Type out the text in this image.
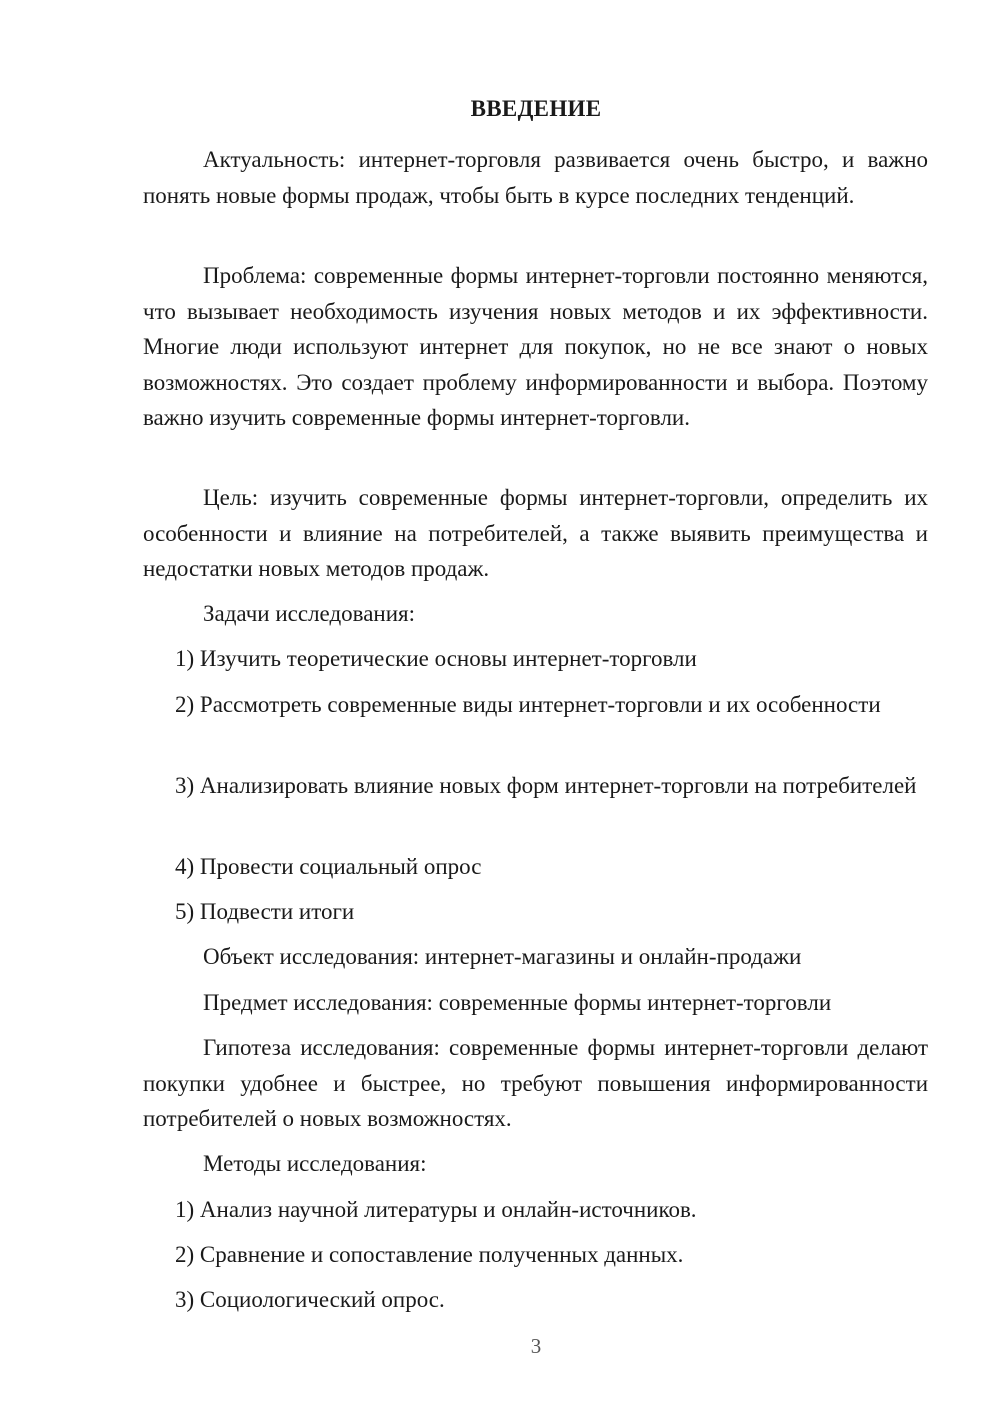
ВВЕДЕНИЕ

Актуальность: интернет-торговля развивается очень быстро, и важно понять новые формы продаж, чтобы быть в курсе последних тенденций.

Проблема: современные формы интернет-торговли постоянно меняются, что вызывает необходимость изучения новых методов и их эффективности. Многие люди используют интернет для покупок, но не все знают о новых возможностях. Это создает проблему информированности и выбора. Поэтому важно изучить современные формы интернет-торговли.

Цель: изучить современные формы интернет-торговли, определить их особенности и влияние на потребителей, а также выявить преимущества и недостатки новых методов продаж.

Задачи исследования:

1) Изучить теоретические основы интернет-торговли

2) Рассмотреть современные виды интернет-торговли и их особенности

3) Анализировать влияние новых форм интернет-торговли на потребителей

4) Провести социальный опрос

5) Подвести итоги

Объект исследования: интернет-магазины и онлайн-продажи

Предмет исследования: современные формы интернет-торговли

Гипотеза исследования: современные формы интернет-торговли делают покупки удобнее и быстрее, но требуют повышения информированности потребителей о новых возможностях.

Методы исследования:

1) Анализ научной литературы и онлайн-источников.

2) Сравнение и сопоставление полученных данных.

3) Социологический опрос.

3
